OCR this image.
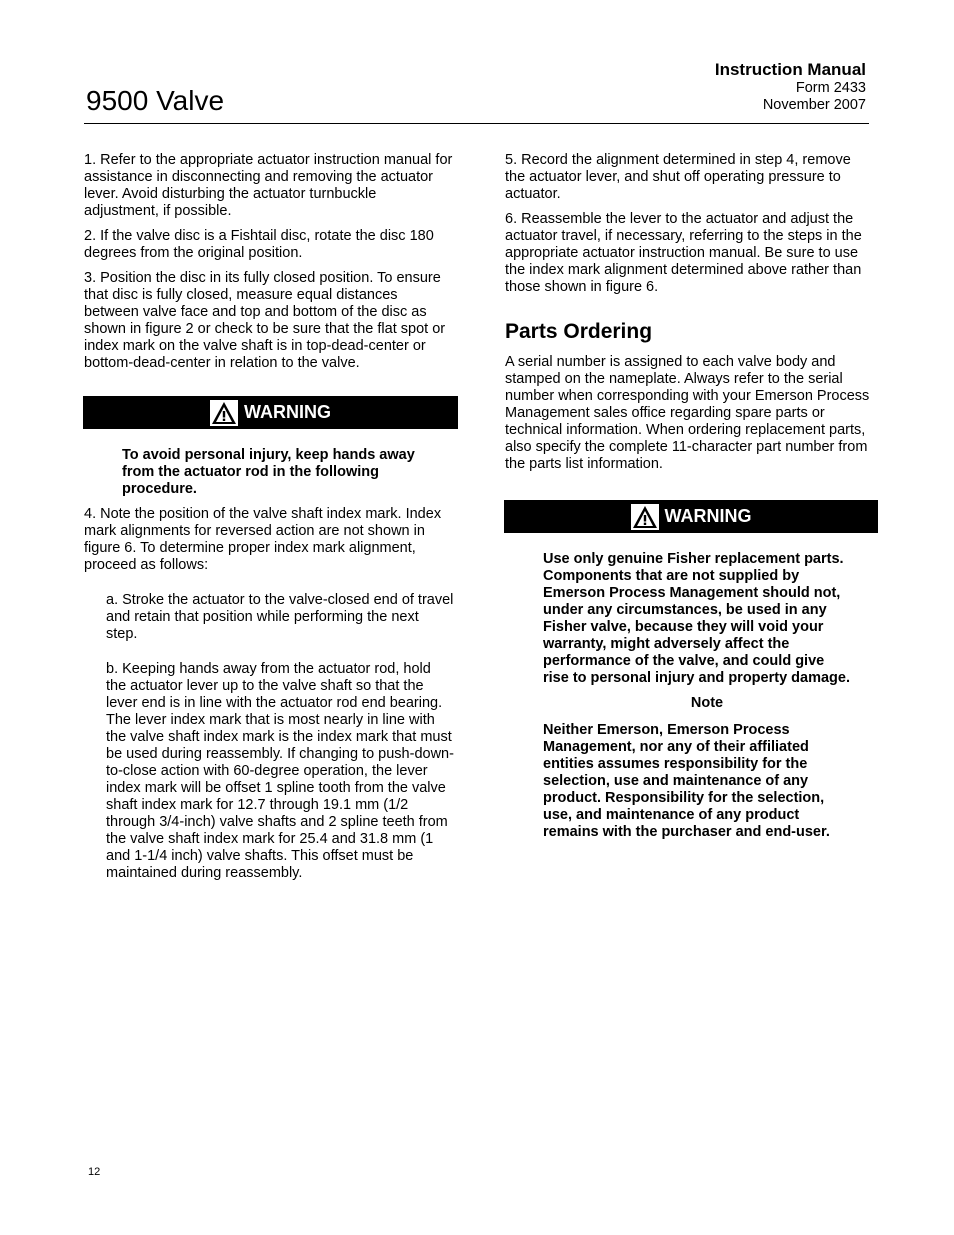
9500 Valve
Instruction Manual
Form 2433
November 2007

1. Refer to the appropriate actuator instruction manual for assistance in disconnecting and removing the actuator lever. Avoid disturbing the actuator turnbuckle adjustment, if possible.

2. If the valve disc is a Fishtail disc, rotate the disc 180 degrees from the original position.

3. Position the disc in its fully closed position. To ensure that disc is fully closed, measure equal distances between valve face and top and bottom of the disc as shown in figure 2 or check to be sure that the flat spot or index mark on the valve shaft is in top-dead-center or bottom-dead-center in relation to the valve.

WARNING

To avoid personal injury, keep hands away from the actuator rod in the following procedure.

4. Note the position of the valve shaft index mark. Index mark alignments for reversed action are not shown in figure 6. To determine proper index mark alignment, proceed as follows:

a. Stroke the actuator to the valve-closed end of travel and retain that position while performing the next step.

b. Keeping hands away from the actuator rod, hold the actuator lever up to the valve shaft so that the lever end is in line with the actuator rod end bearing. The lever index mark that is most nearly in line with the valve shaft index mark is the index mark that must be used during reassembly. If changing to push-down-to-close action with 60-degree operation, the lever index mark will be offset 1 spline tooth from the valve shaft index mark for 12.7 through 19.1 mm (1/2 through 3/4-inch) valve shafts and 2 spline teeth from the valve shaft index mark for 25.4 and 31.8 mm (1 and 1-1/4 inch) valve shafts. This offset must be maintained during reassembly.

5. Record the alignment determined in step 4, remove the actuator lever, and shut off operating pressure to actuator.

6. Reassemble the lever to the actuator and adjust the actuator travel, if necessary, referring to the steps in the appropriate actuator instruction manual. Be sure to use the index mark alignment determined above rather than those shown in figure 6.

Parts Ordering

A serial number is assigned to each valve body and stamped on the nameplate. Always refer to the serial number when corresponding with your Emerson Process Management sales office regarding spare parts or technical information. When ordering replacement parts, also specify the complete 11-character part number from the parts list information.

WARNING

Use only genuine Fisher replacement parts. Components that are not supplied by Emerson Process Management should not, under any circumstances, be used in any Fisher valve, because they will void your warranty, might adversely affect the performance of the valve, and could give rise to personal injury and property damage.

Note

Neither Emerson, Emerson Process Management, nor any of their affiliated entities assumes responsibility for the selection, use and maintenance of any product. Responsibility for the selection, use, and maintenance of any product remains with the purchaser and end-user.

12
